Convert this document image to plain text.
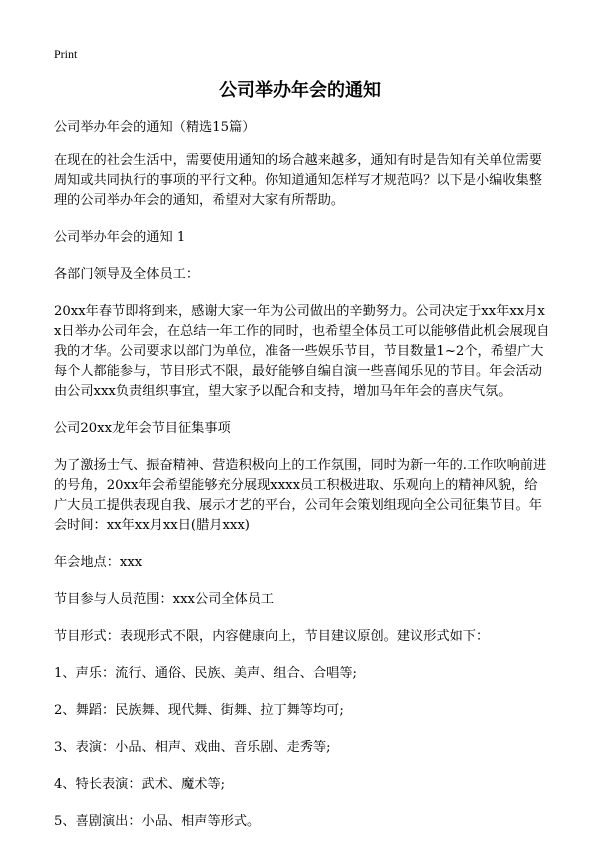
Print
公司举办年会的通知

公司举办年会的通知（精选15篇）

在现在的社会生活中，需要使用通知的场合越来越多，通知有时是告知有关单位需要周知或共同执行的事项的平行文种。你知道通知怎样写才规范吗？以下是小编收集整理的公司举办年会的通知，希望对大家有所帮助。

公司举办年会的通知 1

各部门领导及全体员工：

20xx年春节即将到来，感谢大家一年为公司做出的辛勤努力。公司决定于xx年xx月xx日举办公司年会，在总结一年工作的同时，也希望全体员工可以能够借此机会展现自我的才华。公司要求以部门为单位，准备一些娱乐节目，节目数量1~2个，希望广大每个人都能参与，节目形式不限，最好能够自编自演一些喜闻乐见的节目。年会活动由公司xxx负责组织事宜，望大家予以配合和支持，增加马年年会的喜庆气氛。

公司20xx龙年会节目征集事项

为了激扬士气、振奋精神、营造积极向上的工作氛围，同时为新一年的.工作吹响前进的号角，20xx年会希望能够充分展现xxxx员工积极进取、乐观向上的精神风貌，给广大员工提供表现自我、展示才艺的平台，公司年会策划组现向全公司征集节目。年会时间：xx年xx月xx日(腊月xxx)

年会地点：xxx

节目参与人员范围：xxx公司全体员工

节目形式：表现形式不限，内容健康向上，节目建议原创。建议形式如下：

1、声乐：流行、通俗、民族、美声、组合、合唱等;

2、舞蹈：民族舞、现代舞、街舞、拉丁舞等均可;

3、表演：小品、相声、戏曲、音乐剧、走秀等;

4、特长表演：武术、魔术等;

5、喜剧演出：小品、相声等形式。
